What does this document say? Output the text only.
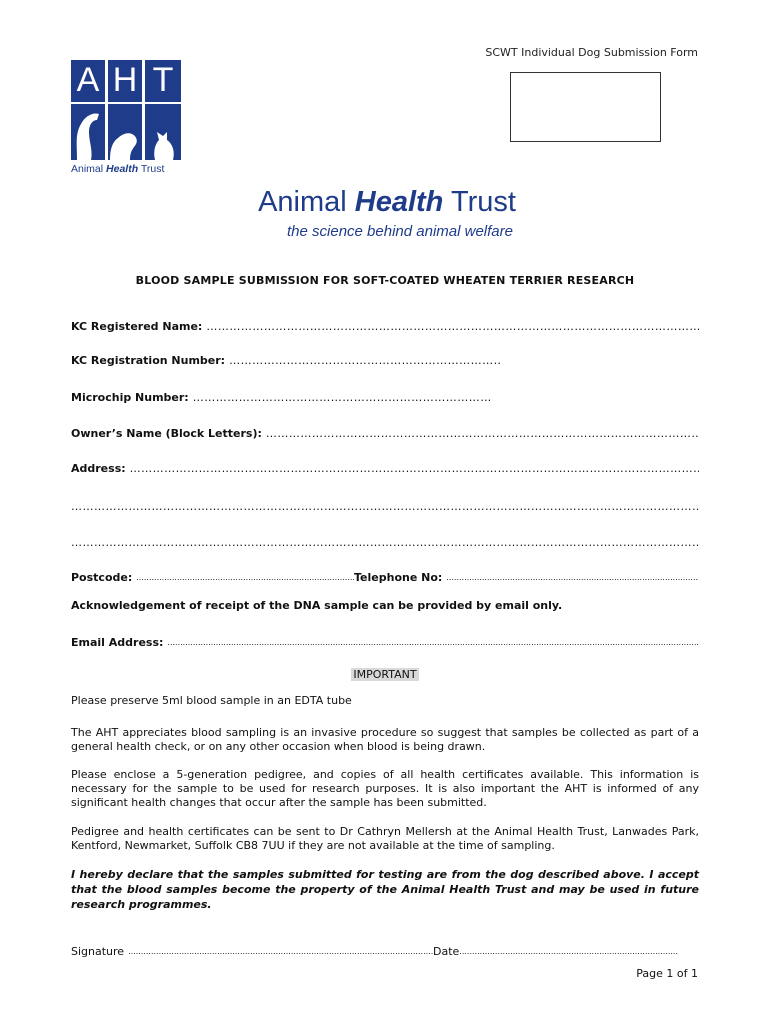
SCWT Individual Dog Submission Form
A H T
Animal Health Trust
Animal Health Trust
the science behind animal welfare
BLOOD SAMPLE SUBMISSION FOR SOFT-COATED WHEATEN TERRIER RESEARCH
KC Registered Name:
……………………………………………………………………………………………………………………………………………………………………………………………
KC Registration Number:
……………………………………………………………………………………………………………………………………………………………………………………………
Microchip Number:
……………………………………………………………………………………………………………………………………………………………………………………………
Owner’s Name (Block Letters):
……………………………………………………………………………………………………………………………………………………………………………………………
Address:
……………………………………………………………………………………………………………………………………………………………………………………………
……………………………………………………………………………………………………………………………………………………………………………………………
……………………………………………………………………………………………………………………………………………………………………………………………
Postcode: .....	Telephone No:
.....
Acknowledgement of receipt of the DNA sample can be provided by email only.
Email Address:
.....
IMPORTANT
Please preserve 5ml blood sample in an EDTA tube
The AHT appreciates blood sampling is an invasive procedure so suggest that samples be collected as part of a general health check, or on any other occasion when blood is being drawn.
Please enclose a 5-generation pedigree, and copies of all health certificates available. This information is necessary for the sample to be used for research purposes. It is also important the AHT is informed of any significant health changes that occur after the sample has been submitted.
Pedigree and health certificates can be sent to Dr Cathryn Mellersh at the Animal Health Trust, Lanwades Park, Kentford, Newmarket, Suffolk CB8 7UU if they are not available at the time of sampling.
I hereby declare that the samples submitted for testing are from the dog described above. I accept that the blood samples become the property of the Animal Health Trust and may be used in future research programmes.
Signature .....	Date
.....
Page 1 of 1
